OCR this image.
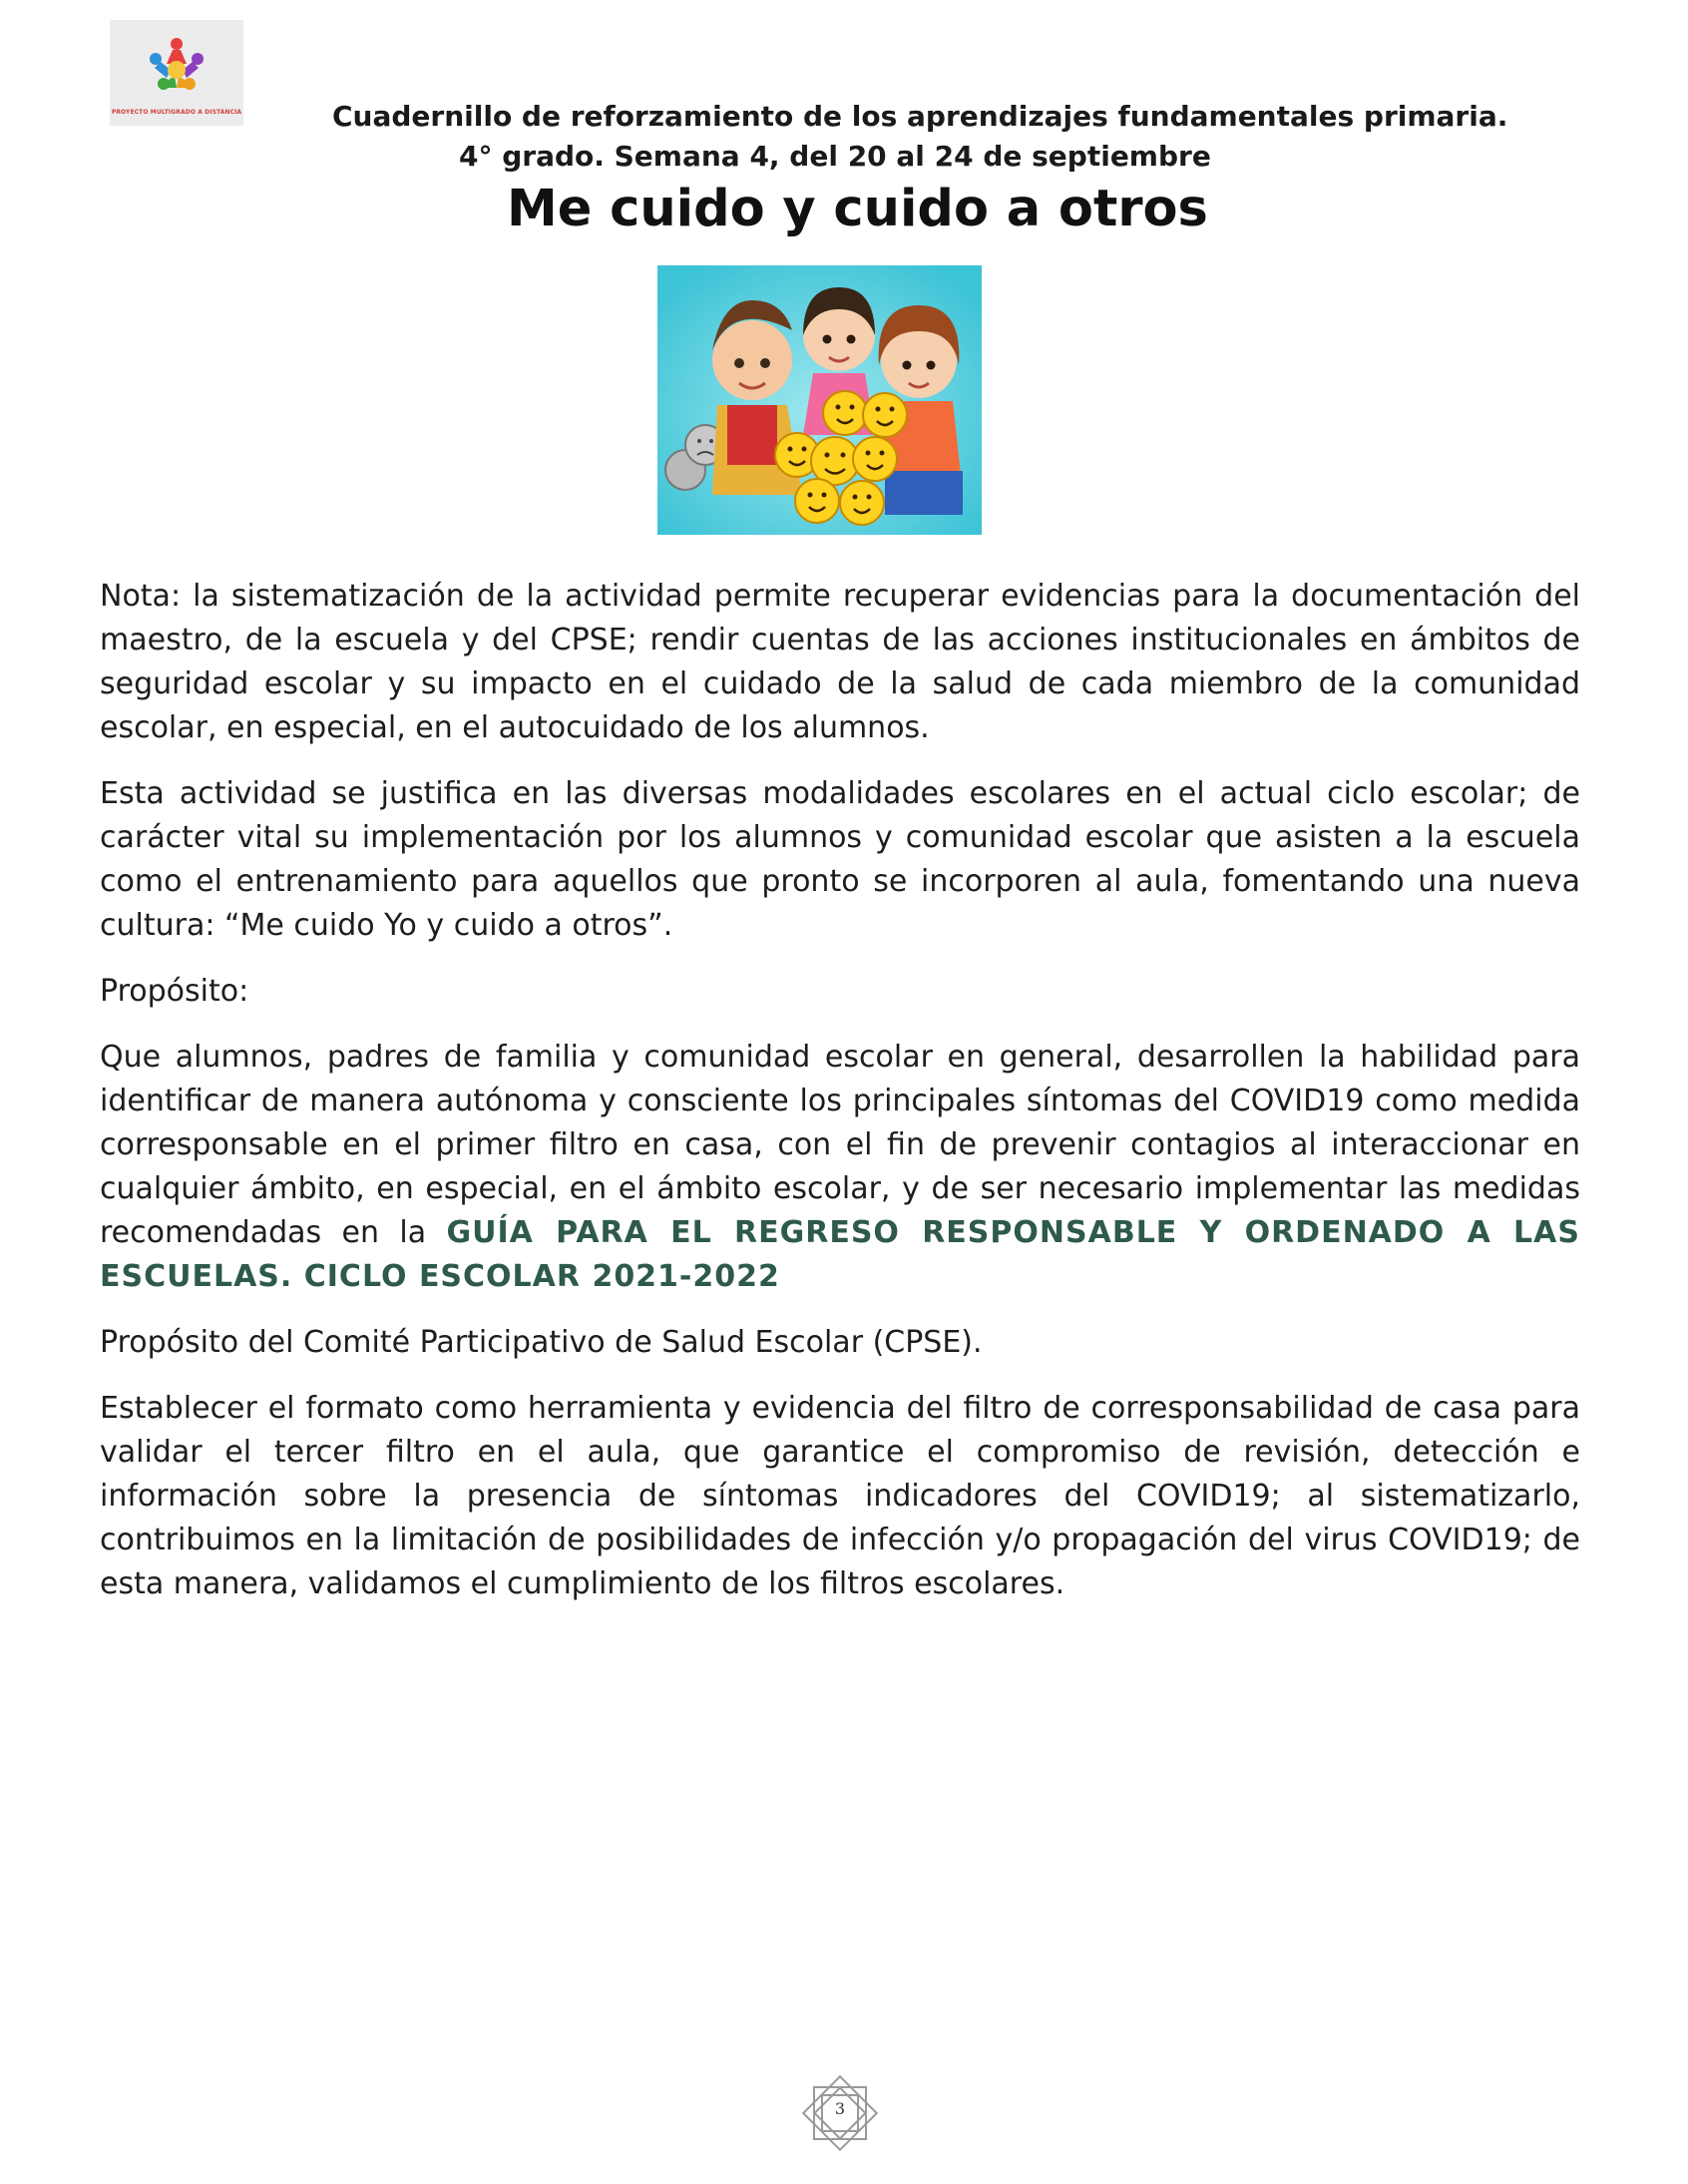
PROYECTO MULTIGRADO A DISTANCIA	Cuadernillo de reforzamiento de los aprendizajes fundamentales primaria.
4° grado. Semana 4, del 20 al 24 de septiembre
Me cuido y cuido a otros

Nota: la sistematización de la actividad permite recuperar evidencias para la documentación del maestro, de la escuela y del CPSE; rendir cuentas de las acciones institucionales en ámbitos de seguridad escolar y su impacto en el cuidado de la salud de cada miembro de la comunidad escolar, en especial, en el autocuidado de los alumnos.

Esta actividad se justifica en las diversas modalidades escolares en el actual ciclo escolar; de carácter vital su implementación por los alumnos y comunidad escolar que asisten a la escuela como el entrenamiento para aquellos que pronto se incorporen al aula, fomentando una nueva cultura: “Me cuido Yo y cuido a otros”.

Propósito:

Que alumnos, padres de familia y comunidad escolar en general, desarrollen la habilidad para identificar de manera autónoma y consciente los principales síntomas del COVID19 como medida corresponsable en el primer filtro en casa, con el fin de prevenir contagios al interaccionar en cualquier ámbito, en especial, en el ámbito escolar, y de ser necesario implementar las medidas recomendadas en la GUÍA PARA EL REGRESO RESPONSABLE Y ORDENADO A LAS ESCUELAS. CICLO ESCOLAR 2021-2022

Propósito del Comité Participativo de Salud Escolar (CPSE).

Establecer el formato como herramienta y evidencia del filtro de corresponsabilidad de casa para validar el tercer filtro en el aula, que garantice el compromiso de revisión, detección e información sobre la presencia de síntomas indicadores del COVID19; al sistematizarlo, contribuimos en la limitación de posibilidades de infección y/o propagación del virus COVID19; de esta manera, validamos el cumplimiento de los filtros escolares.

3
